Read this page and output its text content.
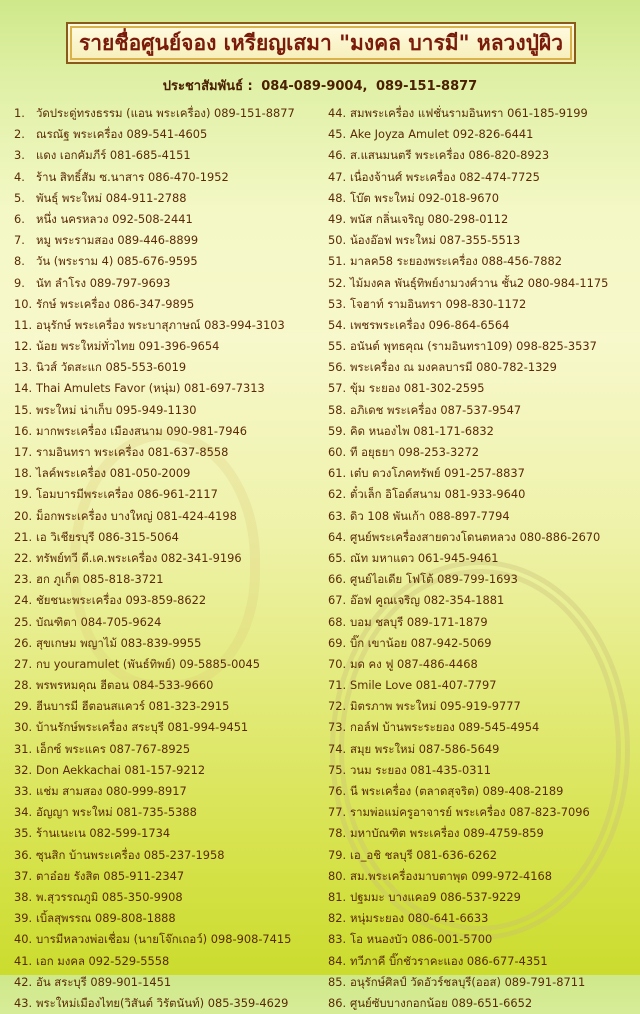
รายชื่อศูนย์จอง เหรียญเสมา "มงคล บารมี" หลวงปู่ผิว
ประชาสัมพันธ์ : 084-089-9004, 089-151-8877
1. วัดประดู่ทรงธรรม (แอน พระเครื่อง) 089-151-8877
2. ณรณัฐ พระเครื่อง 089-541-4605
3. แดง เอกคัมภีร์ 081-685-4151
4. ร้าน สิทธิ์สัม ซ.นาสาร 086-470-1952
5. พันธุ์ พระใหม่ 084-911-2788
6. หนึ่ง นครหลวง 092-508-2441
7. หมู พระรามสอง 089-446-8899
8. วัน (พระราม 4) 085-676-9595
9. นัท ลำโรง 089-797-9693
10. รักษ์ พระเครื่อง 086-347-9895
11. อนุรักษ์ พระเครื่อง พระบาสุภาษณ์ 083-994-3103
12. น้อย พระใหม่ทั่วไทย 091-396-9654
13. นิวส์ วัดสะแก 085-553-6019
14. Thai Amulets Favor (หนุ่ม) 081-697-7313
15. พระใหม่ น่าเก็บ 095-949-1130
16. มากพระเครื่อง เมืองสนาม 090-981-7946
17. รามอินทรา พระเครื่อง 081-637-8558
18. ไลค์พระเครื่อง 081-050-2009
19. โอมบารมีพระเครื่อง 086-961-2117
20. ม็อกพระเครื่อง บางใหญ่ 081-424-4198
21. เอ วิเชียรบุรี 086-315-5064
22. ทรัพย์ทวี ดี.เค.พระเครื่อง 082-341-9196
23. ฮก ภูเก็ต 085-818-3721
24. ชัยชนะพระเครื่อง 093-859-8622
25. บัณฑิตา 084-705-9624
26. สุขเกษม พญาไม้ 083-839-9955
27. กบ youramulet (พันธ์ทิพย์) 09-5885-0045
28. พรพรหมคุณ ฮีตอน 084-533-9660
29. ฮีนบารมี ฮีตอนสแควร์ 081-323-2915
30. บ้านรักษ์พระเครื่อง สระบุรี 081-994-9451
31. เอ็กซ์ พระแคร 087-767-8925
32. Don Aekkachai 081-157-9212
33. แช่ม สามสอง 080-999-8917
34. อัญญา พระใหม่ 081-735-5388
35. ร้านเนะเน 082-599-1734
36. ซุนสิก บ้านพระเครื่อง 085-237-1958
37. ตาอ๋อย รังสิต 085-911-2347
38. พ.สุวรรณภูมิ 085-350-9908
39. เบิ้ลสุพรรณ 089-808-1888
40. บารมีหลวงพ่อเชื่อม (นายโจ๊กเถอว์) 098-908-7415
41. เอก มงคล 092-529-5558
42. อัน สระบุรี 089-901-1451
43. พระใหม่เมืองไทย(วิสันต์ วิรัตนันท์) 085-359-4629
44. สมพระเครื่อง แฟชั่นรามอินทรา 061-185-9199
45. Ake Joyza Amulet 092-826-6441
46. ส.แสนมนตรี พระเครื่อง 086-820-8923
47. เนื่องจ้านศ์ พระเครื่อง 082-474-7725
48. โบ๊ต พระใหม่ 092-018-9670
49. พนัส กลิ่นเจริญ 080-298-0112
50. น้องอ๊อฟ พระใหม่ 087-355-5513
51. มาลค58 ระยองพระเครื่อง 088-456-7882
52. ไม้มงคล พันธุ์ทิพย์งามวงศ์วาน ชั้น2 080-984-1175
53. โจฮาท์ รามอินทรา 098-830-1172
54. เพชรพระเครื่อง 096-864-6564
55. อนันต์ พุทธคุณ (รามอินทรา109) 098-825-3537
56. พระเครื่อง ณ มงคลบารมี 080-782-1329
57. ขุ้ม ระยอง 081-302-2595
58. อภิเดช พระเครื่อง 087-537-9547
59. คิด หนองไพ 081-171-6832
60. ที อยุธยา 098-253-3272
61. เต๋บ ดวงโภคทรัพย์ 091-257-8837
62. ตั๋วเล็ก อิโอด์สนาม 081-933-9640
63. ดิว 108 พันเก้า 088-897-7794
64. ศูนย์พระเครื่องสายดวงโดนตหลวง 080-886-2670
65. ณัท มหาแดว 061-945-9461
66. ศูนย์ไอเดีย โฟโต้ 089-799-1693
67. อ๊อฟ คูณเจริญ 082-354-1881
68. บอม ชลบุรี 089-171-1879
69. บิ๊ก เขาน้อย 087-942-5069
70. มด คง ฟู 087-486-4468
71. Smile Love 081-407-7797
72. มิตรภาพ พระใหม่ 095-919-9777
73. กอล์ฟ บ้านพระระยอง 089-545-4954
74. สมุย พระใหม่ 087-586-5649
75. วนม ระยอง 081-435-0311
76. นี พระเครื่อง (ตลาดสุจริต) 089-408-2189
77. รามพ่อแม่ครูอาจารย์ พระเครื่อง 087-823-7096
78. มหาบัณฑิต พระเครื่อง 089-4759-859
79. เอ_อชิ ชลบุรี 081-636-6262
80. สม.พระเครื่องมาบตาพุด 099-972-4168
81. ปฐมมะ บางแคอ9 086-537-9229
82. หนุ่มระยอง 080-641-6633
83. โอ หนองบัว 086-001-5700
84. ทวีภาคี บิ๊กชัวราคะแอง 086-677-4351
85. อนุรักษ์ศิลป์ วัดอัวร์ชลบุรี(ออส) 089-791-8711
86. ศูนย์ซับบางกอกน้อย 089-651-6652
